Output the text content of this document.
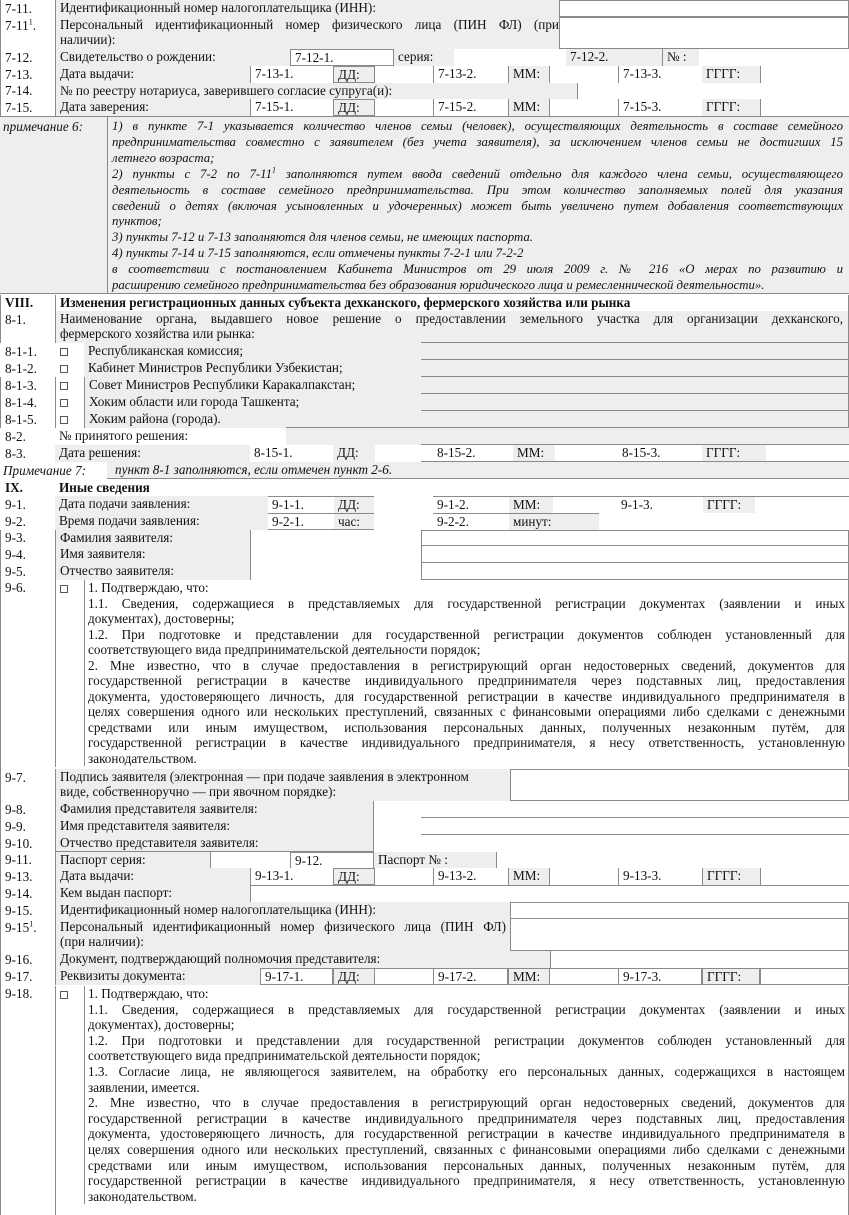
7-11.	Идентификационный номер налогоплательщика (ИНН):
$7-11^1$. Персональный идентификационный номер физического лица (ПИН ФЛ) (при
наличии):
7-12.	Свидетельство о рождении:	7-12-1.	серия:	7-12-2.	№ :
7-13.	Дата выдачи:	7-13-1.	ДД:	7-13-2.	ММ:	7-13-3.	ГГГГ:
7-14.	№ по реестру нотариуса, заверившего согласие супруга(и):
7-15.	Дата заверения:	7-15-1.	ДД:	7-15-2.	ММ:	7-15-3.	ГГГГ:
примечание 6: 1) в пункте 7-1 указывается количество членов семьи (человек), осуществляющих деятельность в составе семейного
предпринимательства совместно с заявителем (без учета заявителя), за исключением членов семьи не достигших 15
летнего возраста;
2) пункты с 7-2 по $7-11^1$ заполняются путем ввода сведений отдельно для каждого члена семьи, осуществляющего
деятельность в составе семейного предпринимательства. При этом количество заполняемых полей для указания
сведений о детях (включая усыновленных и удочеренных) может быть увеличено путем добавления соответствующих
пунктов;
3) пункты 7-12 и 7-13 заполняются для членов семьи, не имеющих паспорта.
4) пункты 7-14 и 7-15 заполняются, если отмечены пункты 7-2-1 или 7-2-2
в соответствии с постановлением Кабинета Министров от 29 июля 2009 г. № 216 «О мерах по развитию и
расширению семейного предпринимательства без образования юридического лица и ремесленнической деятельности».
VIII.	Изменения регистрационных данных субъекта дехканского, фермерского хозяйства или рынка
8-1.	Наименование органа, выдавшего новое решение о предоставлении земельного участка для организации дехканского,
фермерского хозяйства или рынка:
8-1-1.	Республиканская комиссия;
8-1-2.	Кабинет Министров Республики Узбекистан;
8-1-3.	Совет Министров Республики Каракалпакстан;
8-1-4.	Хоким области или города Ташкента;
8-1-5.	Хоким района (города).
8-2.	№ принятого решения:
8-3.	Дата решения:	8-15-1.	ДД:	8-15-2.	ММ:	8-15-3.	ГГГГ:
Примечание 7:	пункт 8-1 заполняются, если отмечен пункт 2-6.
IX.	Иные сведения
9-1.	Дата подачи заявления:	9-1-1.	ДД:	9-1-2.	ММ:	9-1-3.	ГГГГ:
9-2.	Время подачи заявления:	9-2-1.	час:	9-2-2.	минут:
9-3.	Фамилия заявителя:
9-4.	Имя заявителя:
9-5.	Отчество заявителя:
9-6.	1. Подтверждаю, что:
1.1. Сведения, содержащиеся в представляемых для государственной регистрации документах (заявлении и иных
документах), достоверны;
1.2. При подготовке и представлении для государственной регистрации документов соблюден установленный для
соответствующего вида предпринимательской деятельности порядок;
2. Мне известно, что в случае предоставления в регистрирующий орган недостоверных сведений, документов для
государственной регистрации в качестве индивидуального предпринимателя через подставных лиц, предоставления
документа, удостоверяющего личность, для государственной регистрации в качестве индивидуального предпринимателя в
целях совершения одного или нескольких преступлений, связанных с финансовыми операциями либо сделками с денежными
средствами или иным имуществом, использования персональных данных, полученных незаконным путём, для
государственной регистрации в качестве индивидуального предпринимателя, я несу ответственность, установленную
законодательством.
9-7.	Подпись заявителя (электронная — при подаче заявления в электронном
виде, собственноручно — при явочном порядке):
9-8.	Фамилия представителя заявителя:
9-9.	Имя представителя заявителя:
9-10.	Отчество представителя заявителя:
9-11.	Паспорт серия:	9-12.	Паспорт № :
9-13.	Дата выдачи:	9-13-1.	ДД:	9-13-2.	ММ:	9-13-3.	ГГГГ:
9-14.	Кем выдан паспорт:
9-15.	Идентификационный номер налогоплательщика (ИНН):
$9-15^1$. Персональный идентификационный номер физического лица (ПИН ФЛ)
(при наличии):
9-16.	Документ, подтверждающий полномочия представителя:
9-17.	Реквизиты документа:	9-17-1.	ДД:	9-17-2.	ММ:	9-17-3.	ГГГГ:
9-18.	1. Подтверждаю, что:
1.1. Сведения, содержащиеся в представляемых для государственной регистрации документах (заявлении и иных
документах), достоверны;
1.2. При подготовки и представлении для государственной регистрации документов соблюден установленный для
соответствующего вида предпринимательской деятельности порядок;
1.3. Согласие лица, не являющегося заявителем, на обработку его персональных данных, содержащихся в настоящем
заявлении, имеется.
2. Мне известно, что в случае предоставления в регистрирующий орган недостоверных сведений, документов для
государственной регистрации в качестве индивидуального предпринимателя через подставных лиц, предоставления
документа, удостоверяющего личность, для государственной регистрации в качестве индивидуального предпринимателя в
целях совершения одного или нескольких преступлений, связанных с финансовыми операциями либо сделками с денежными
средствами или иным имуществом, использования персональных данных, полученных незаконным путём, для
государственной регистрации в качестве индивидуального предпринимателя, я несу ответственность, установленную
законодательством.
